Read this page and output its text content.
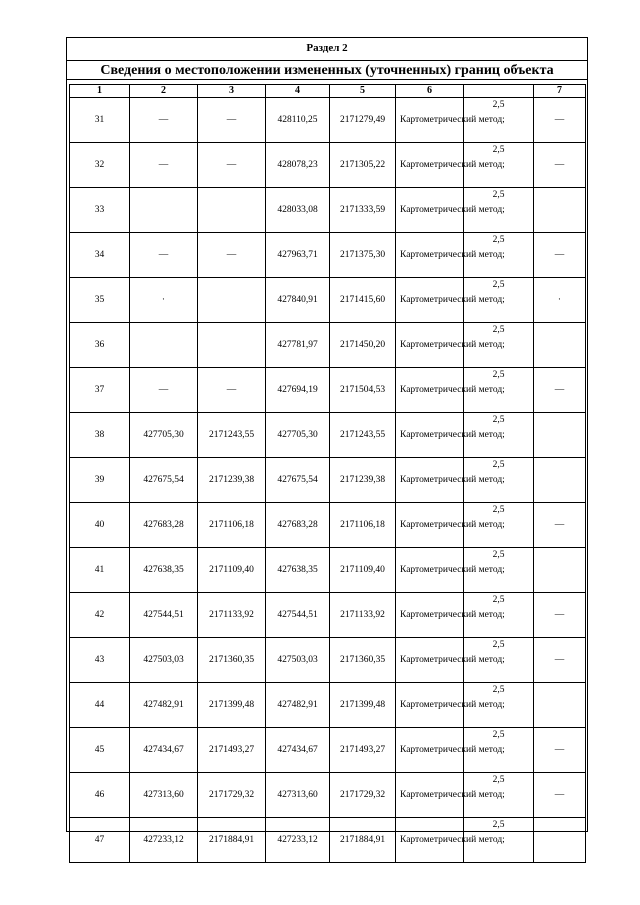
Раздел 2
Сведения о местоположении измененных (уточненных) границ объекта
1	2	3	4	5	6		7
31	—	—	428110,25	2171279,49	Картометрический метод;	2,5	—
32	—	—	428078,23	2171305,22	Картометрический метод;	2,5	—
33			428033,08	2171333,59	Картометрический метод;	2,5	
34	—	—	427963,71	2171375,30	Картометрический метод;	2,5	—
35	·		427840,91	2171415,60	Картометрический метод;	2,5	·
36			427781,97	2171450,20	Картометрический метод;	2,5	
37	—	—	427694,19	2171504,53	Картометрический метод;	2,5	—
38	427705,30	2171243,55	427705,30	2171243,55	Картометрический метод;	2,5	
39	427675,54	2171239,38	427675,54	2171239,38	Картометрический метод;	2,5	
40	427683,28	2171106,18	427683,28	2171106,18	Картометрический метод;	2,5	—
41	427638,35	2171109,40	427638,35	2171109,40	Картометрический метод;	2,5	
42	427544,51	2171133,92	427544,51	2171133,92	Картометрический метод;	2,5	—
43	427503,03	2171360,35	427503,03	2171360,35	Картометрический метод;	2,5	—
44	427482,91	2171399,48	427482,91	2171399,48	Картометрический метод;	2,5	
45	427434,67	2171493,27	427434,67	2171493,27	Картометрический метод;	2,5	—
46	427313,60	2171729,32	427313,60	2171729,32	Картометрический метод;	2,5	—
47	427233,12	2171884,91	427233,12	2171884,91	Картометрический метод;	2,5	
